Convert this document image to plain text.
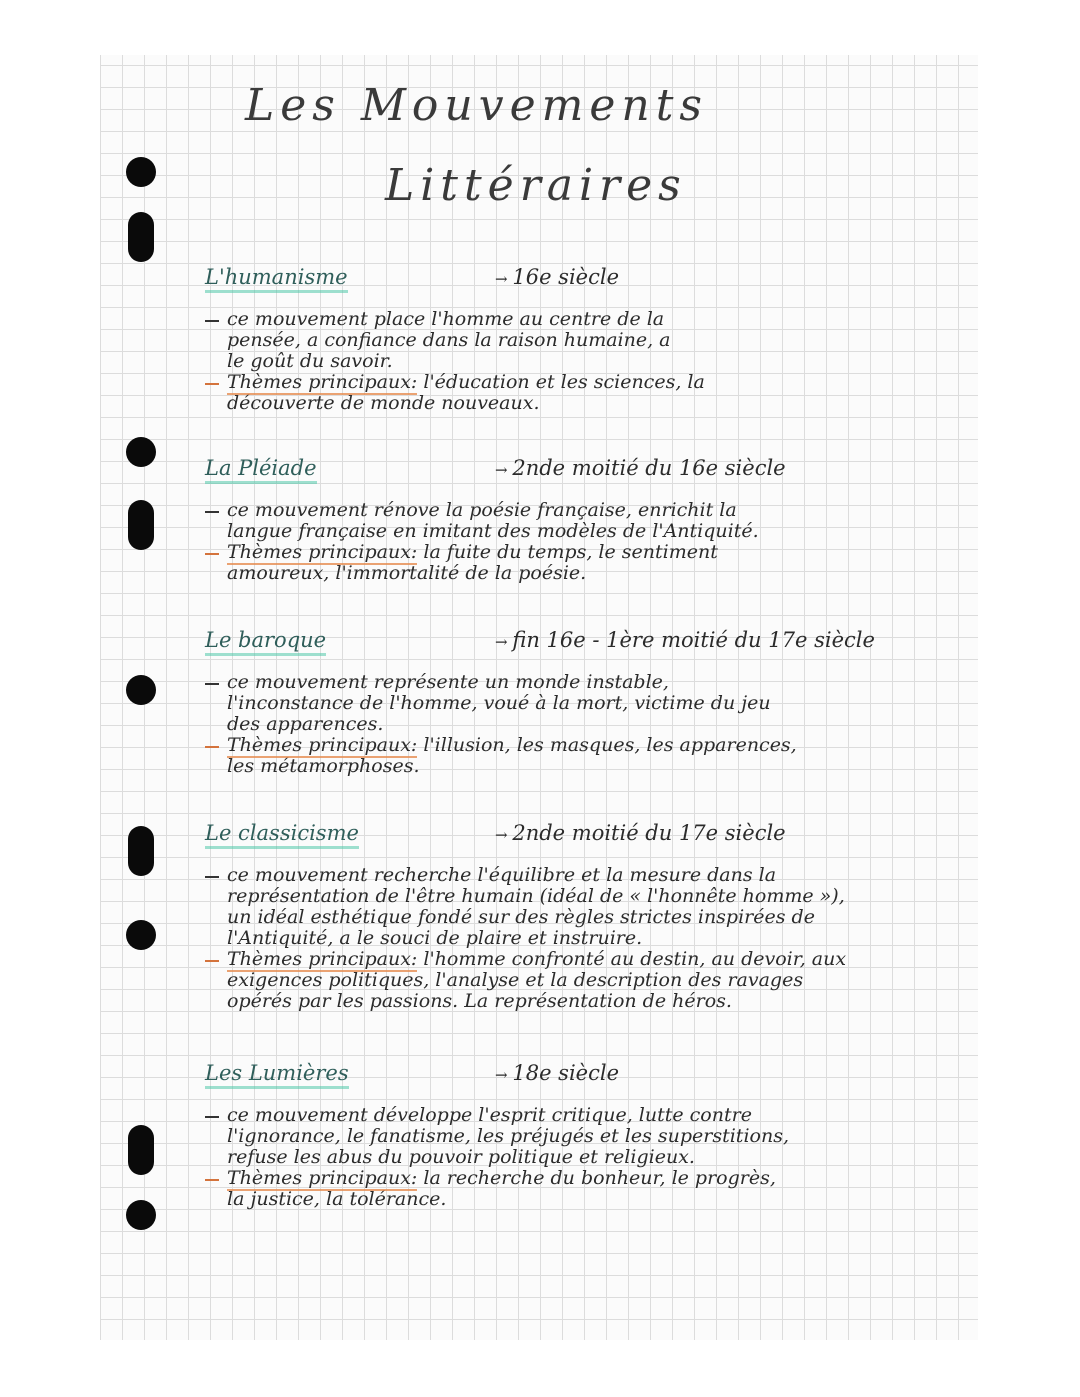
Les Mouvements
Littéraires
L'humanisme	→ 16e siècle
ce mouvement place l'homme au centre de la
pensée, a confiance dans la raison humaine, a
le goût du savoir.
Thèmes principaux: l'éducation et les sciences, la
découverte de monde nouveaux.
La Pléiade	→ 2nde moitié du 16e siècle
ce mouvement rénove la poésie française, enrichit la
langue française en imitant des modèles de l'Antiquité.
Thèmes principaux: la fuite du temps, le sentiment
amoureux, l'immortalité de la poésie.
Le baroque	→ fin 16e - 1ère moitié du 17e siècle
ce mouvement représente un monde instable,
l'inconstance de l'homme, voué à la mort, victime du jeu
des apparences.
Thèmes principaux: l'illusion, les masques, les apparences,
les métamorphoses.
Le classicisme	→ 2nde moitié du 17e siècle
ce mouvement recherche l'équilibre et la mesure dans la
représentation de l'être humain (idéal de « l'honnête homme »),
un idéal esthétique fondé sur des règles strictes inspirées de
l'Antiquité, a le souci de plaire et instruire.
Thèmes principaux: l'homme confronté au destin, au devoir, aux
exigences politiques, l'analyse et la description des ravages
opérés par les passions. La représentation de héros.
Les Lumières	→ 18e siècle
ce mouvement développe l'esprit critique, lutte contre
l'ignorance, le fanatisme, les préjugés et les superstitions,
refuse les abus du pouvoir politique et religieux.
Thèmes principaux: la recherche du bonheur, le progrès,
la justice, la tolérance.
